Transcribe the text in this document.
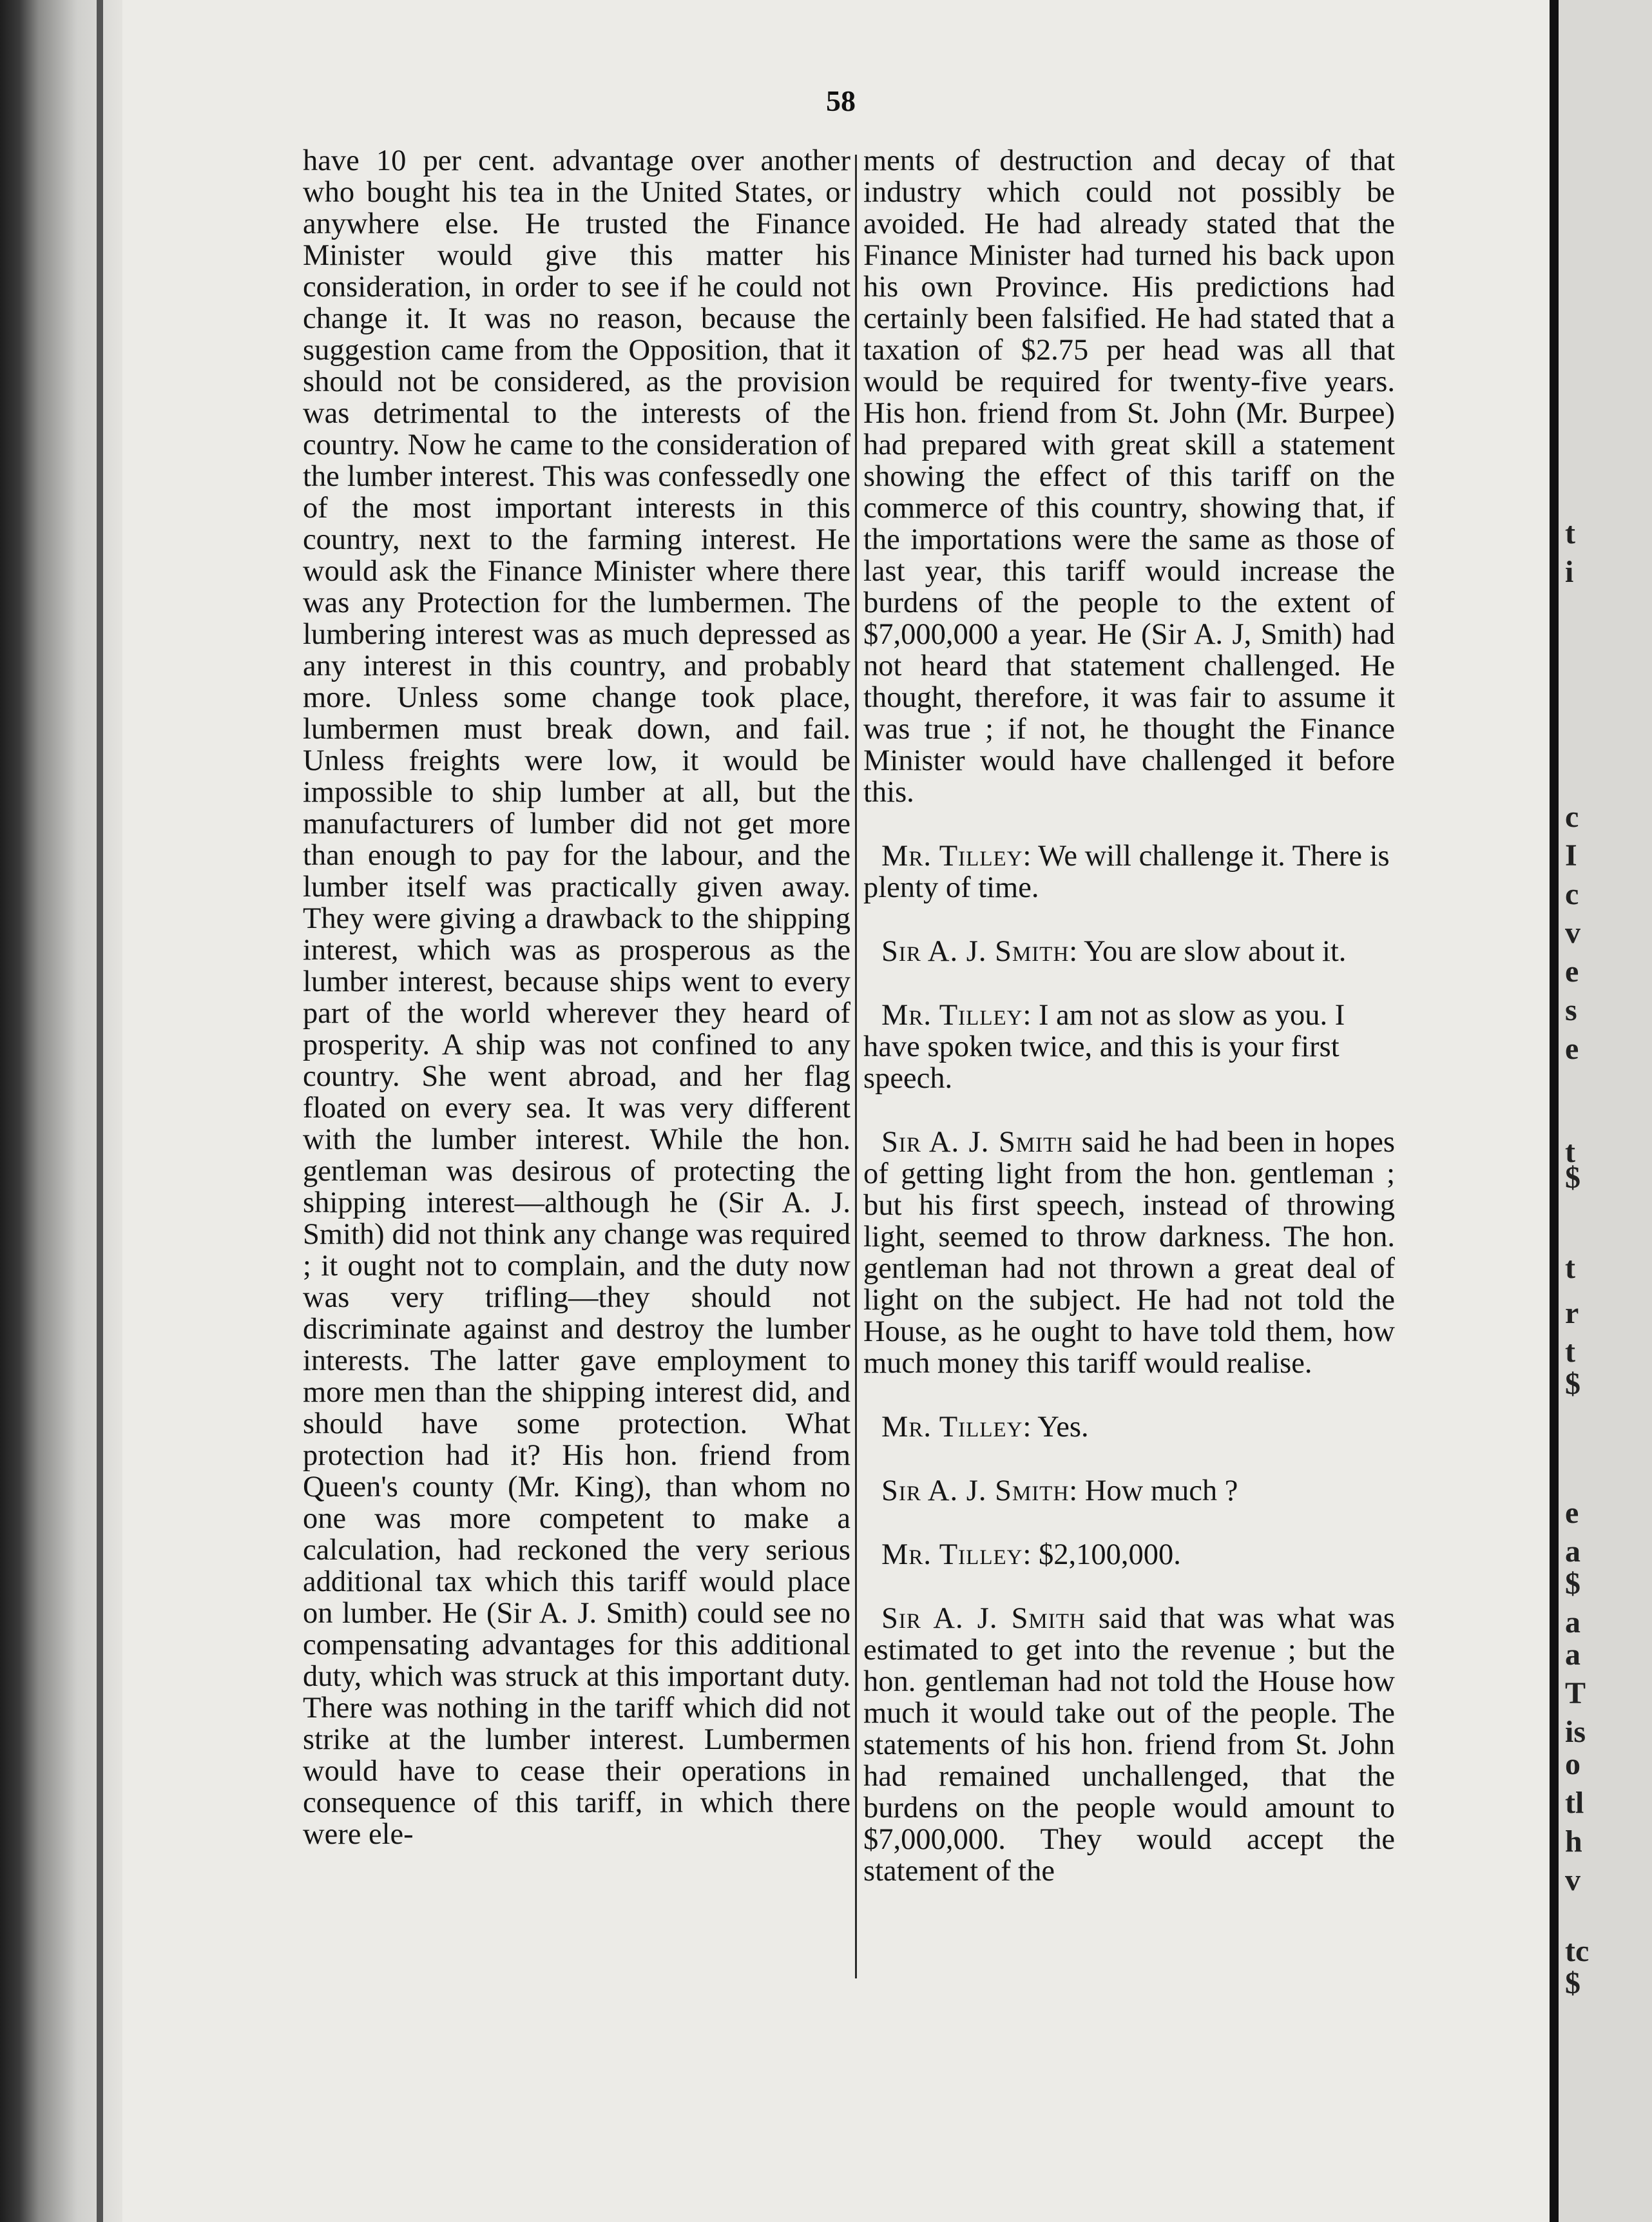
58

have 10 per cent. advantage over another who bought his tea in the United States, or anywhere else. He trusted the Finance Minister would give this matter his consideration, in order to see if he could not change it. It was no reason, because the suggestion came from the Opposition, that it should not be considered, as the provision was detrimental to the interests of the country. Now he came to the consideration of the lumber interest. This was confessedly one of the most important interests in this country, next to the farming interest. He would ask the Finance Minister where there was any Protection for the lumbermen. The lumbering interest was as much depressed as any interest in this country, and probably more. Unless some change took place, lumbermen must break down, and fail. Unless freights were low, it would be impossible to ship lumber at all, but the manufacturers of lumber did not get more than enough to pay for the labour, and the lumber itself was practically given away. They were giving a drawback to the shipping interest, which was as prosperous as the lumber interest, because ships went to every part of the world wherever they heard of prosperity. A ship was not confined to any country. She went abroad, and her flag floated on every sea. It was very different with the lumber interest. While the hon. gentleman was desirous of protecting the shipping interest—although he (Sir A. J. Smith) did not think any change was required ; it ought not to complain, and the duty now was very trifling—they should not discriminate against and destroy the lumber interests. The latter gave employment to more men than the shipping interest did, and should have some protection. What protection had it? His hon. friend from Queen's county (Mr. King), than whom no one was more competent to make a calculation, had reckoned the very serious additional tax which this tariff would place on lumber. He (Sir A. J. Smith) could see no compensating advantages for this additional duty, which was struck at this important duty. There was nothing in the tariff which did not strike at the lumber interest. Lumbermen would have to cease their operations in consequence of this tariff, in which there were ele-

ments of destruction and decay of that industry which could not possibly be avoided. He had already stated that the Finance Minister had turned his back upon his own Province. His predictions had certainly been falsified. He had stated that a taxation of $2.75 per head was all that would be required for twenty-five years. His hon. friend from St. John (Mr. Burpee) had prepared with great skill a statement showing the effect of this tariff on the commerce of this country, showing that, if the importations were the same as those of last year, this tariff would increase the burdens of the people to the extent of $7,000,000 a year. He (Sir A. J, Smith) had not heard that statement challenged. He thought, therefore, it was fair to assume it was true ; if not, he thought the Finance Minister would have challenged it before this.

Mr. Tilley: We will challenge it. There is plenty of time.

Sir A. J. Smith: You are slow about it.

Mr. Tilley: I am not as slow as you. I have spoken twice, and this is your first speech.

Sir A. J. Smith said he had been in hopes of getting light from the hon. gentleman ; but his first speech, instead of throwing light, seemed to throw darkness. The hon. gentleman had not thrown a great deal of light on the subject. He had not told the House, as he ought to have told them, how much money this tariff would realise.

Mr. Tilley: Yes.

Sir A. J. Smith: How much ?

Mr. Tilley: $2,100,000.

Sir A. J. Smith said that was what was estimated to get into the revenue ; but the hon. gentleman had not told the House how much it would take out of the people. The statements of his hon. friend from St. John had remained unchallenged, that the burdens on the people would amount to $7,000,000. They would accept the statement of the

t
i
c
I
c
v
e
s
e
t
$
t
r
t
$
e
a
$
a
a
T
is
o
tl
h
v
tc
$
